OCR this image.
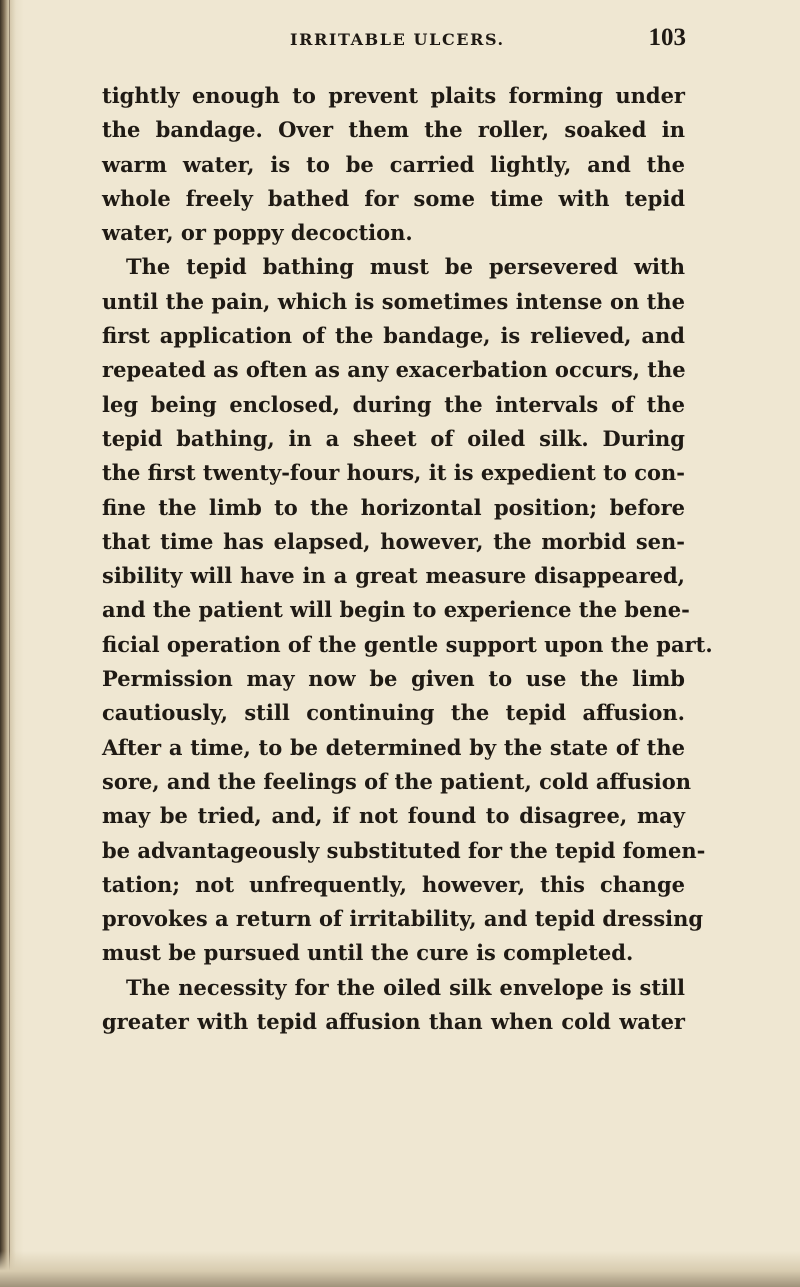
IRRITABLE ULCERS.	103
tightly enough to prevent plaits forming under
the bandage. Over them the roller, soaked in
warm water, is to be carried lightly, and the
whole freely bathed for some time with tepid
water, or poppy decoction.
The tepid bathing must be persevered with
until the pain, which is sometimes intense on the
first application of the bandage, is relieved, and
repeated as often as any exacerbation occurs, the
leg being enclosed, during the intervals of the
tepid bathing, in a sheet of oiled silk. During
the first twenty-four hours, it is expedient to con-
fine the limb to the horizontal position; before
that time has elapsed, however, the morbid sen-
sibility will have in a great measure disappeared,
and the patient will begin to experience the bene-
ficial operation of the gentle support upon the part.
Permission may now be given to use the limb
cautiously, still continuing the tepid affusion.
After a time, to be determined by the state of the
sore, and the feelings of the patient, cold affusion
may be tried, and, if not found to disagree, may
be advantageously substituted for the tepid fomen-
tation; not unfrequently, however, this change
provokes a return of irritability, and tepid dressing
must be pursued until the cure is completed.
The necessity for the oiled silk envelope is still
greater with tepid affusion than when cold water
